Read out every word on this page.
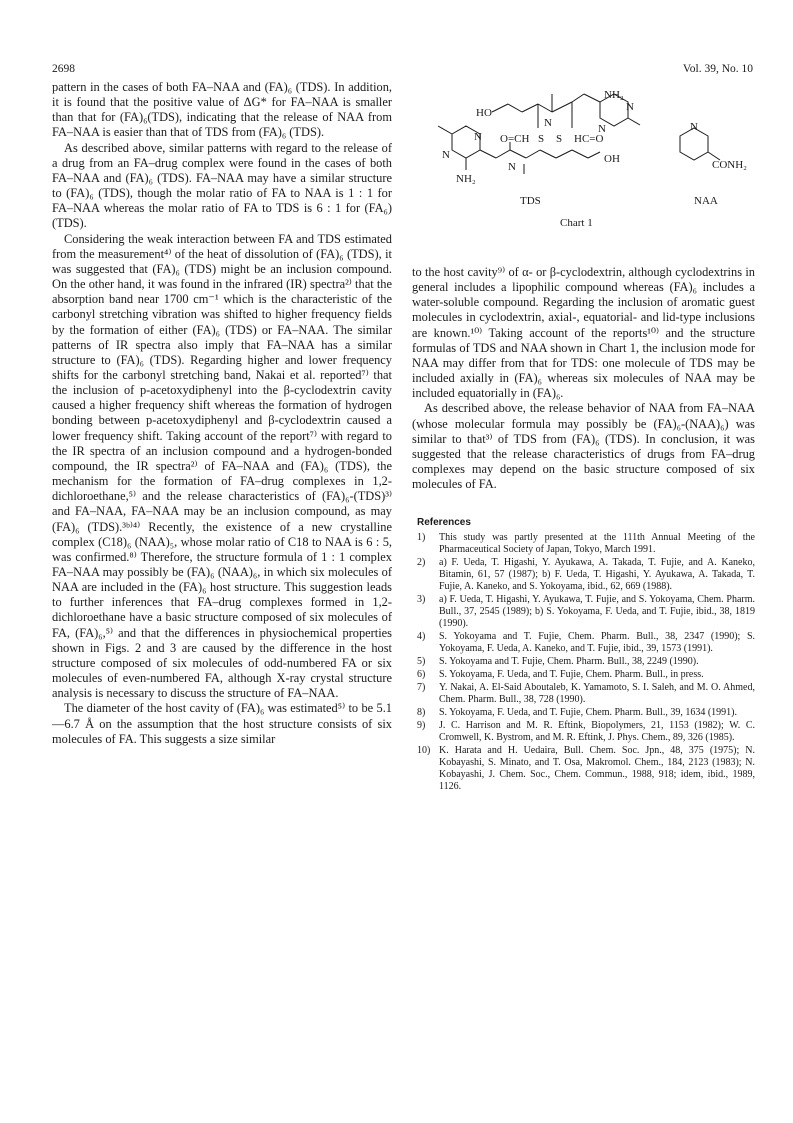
2698	Vol. 39, No. 10

pattern in the cases of both FA–NAA and (FA)₆ (TDS). In addition, it is found that the positive value of ΔG* for FA–NAA is smaller than that for (FA)₆(TDS), indicating that the release of NAA from FA–NAA is easier than that of TDS from (FA)₆ (TDS).

As described above, similar patterns with regard to the release of a drug from an FA–drug complex were found in the cases of both FA–NAA and (FA)₆ (TDS). FA–NAA may have a similar structure to (FA)₆ (TDS), though the molar ratio of FA to NAA is 1 : 1 for FA–NAA whereas the molar ratio of FA to TDS is 6 : 1 for (FA₆) (TDS).

Considering the weak interaction between FA and TDS estimated from the measurement⁴⁾ of the heat of dissolution of (FA)₆ (TDS), it was suggested that (FA)₆ (TDS) might be an inclusion compound. On the other hand, it was found in the infrared (IR) spectra²⁾ that the absorption band near 1700 cm⁻¹ which is the characteristic of the carbonyl stretching vibration was shifted to higher frequency fields by the formation of either (FA)₆ (TDS) or FA–NAA. The similar patterns of IR spectra also imply that FA–NAA has a similar structure to (FA)₆ (TDS). Regarding higher and lower frequency shifts for the carbonyl stretching band, Nakai et al. reported⁷⁾ that the inclusion of p-acetoxydiphenyl into the β-cyclodextrin cavity caused a higher frequency shift whereas the formation of hydrogen bonding between p-acetoxydiphenyl and β-cyclodextrin caused a lower frequency shift. Taking account of the report⁷⁾ with regard to the IR spectra of an inclusion compound and a hydrogen-bonded compound, the IR spectra²⁾ of FA–NAA and (FA)₆ (TDS), the mechanism for the formation of FA–drug complexes in 1,2-dichloroethane,⁵⁾ and the release characteristics of (FA)₆-(TDS)³⁾ and FA–NAA, FA–NAA may be an inclusion compound, as may (FA)₆ (TDS).³ᵇ⁾⁴⁾ Recently, the existence of a new crystalline complex (C18)₆ (NAA)₅, whose molar ratio of C18 to NAA is 6 : 5, was confirmed.⁸⁾ Therefore, the structure formula of 1 : 1 complex FA–NAA may possibly be (FA)₆ (NAA)₆, in which six molecules of NAA are included in the (FA)₆ host structure. This suggestion leads to further inferences that FA–drug complexes formed in 1,2-dichloroethane have a basic structure composed of six molecules of FA, (FA)₆,⁵⁾ and that the differences in physiochemical properties shown in Figs. 2 and 3 are caused by the difference in the host structure composed of six molecules of odd-numbered FA or six molecules of even-numbered FA, although X-ray crystal structure analysis is necessary to discuss the structure of FA–NAA.

The diameter of the host cavity of (FA)₆ was estimated⁵⁾ to be 5.1—6.7 Å on the assumption that the host structure consists of six molecules of FA. This suggests a size similar

HO
NH₂
N
N	N
N
N
O=CH S S HC=O
N
OH
NH₂
N
CONH₂
TDS	NAA
Chart 1

to the host cavity⁹⁾ of α- or β-cyclodextrin, although cyclodextrins in general includes a lipophilic compound whereas (FA)₆ includes a water-soluble compound. Regarding the inclusion of aromatic guest molecules in cyclodextrin, axial-, equatorial- and lid-type inclusions are known.¹⁰⁾ Taking account of the reports¹⁰⁾ and the structure formulas of TDS and NAA shown in Chart 1, the inclusion mode for NAA may differ from that for TDS: one molecule of TDS may be included axially in (FA)₆ whereas six molecules of NAA may be included equatorially in (FA)₆.

As described above, the release behavior of NAA from FA–NAA (whose molecular formula may possibly be (FA)₆-(NAA)₆) was similar to that³⁾ of TDS from (FA)₆ (TDS). In conclusion, it was suggested that the release characteristics of drugs from FA–drug complexes may depend on the basic structure composed of six molecules of FA.

References
1)	This study was partly presented at the 111th Annual Meeting of the Pharmaceutical Society of Japan, Tokyo, March 1991.
2)	a) F. Ueda, T. Higashi, Y. Ayukawa, A. Takada, T. Fujie, and A. Kaneko, Bitamin, 61, 57 (1987); b) F. Ueda, T. Higashi, Y. Ayukawa, A. Takada, T. Fujie, A. Kaneko, and S. Yokoyama, ibid., 62, 669 (1988).
3)	a) F. Ueda, T. Higashi, Y. Ayukawa, T. Fujie, and S. Yokoyama, Chem. Pharm. Bull., 37, 2545 (1989); b) S. Yokoyama, F. Ueda, and T. Fujie, ibid., 38, 1819 (1990).
4)	S. Yokoyama and T. Fujie, Chem. Pharm. Bull., 38, 2347 (1990); S. Yokoyama, F. Ueda, A. Kaneko, and T. Fujie, ibid., 39, 1573 (1991).
5)	S. Yokoyama and T. Fujie, Chem. Pharm. Bull., 38, 2249 (1990).
6)	S. Yokoyama, F. Ueda, and T. Fujie, Chem. Pharm. Bull., in press.
7)	Y. Nakai, A. El-Said Aboutaleb, K. Yamamoto, S. I. Saleh, and M. O. Ahmed, Chem. Pharm. Bull., 38, 728 (1990).
8)	S. Yokoyama, F. Ueda, and T. Fujie, Chem. Pharm. Bull., 39, 1634 (1991).
9)	J. C. Harrison and M. R. Eftink, Biopolymers, 21, 1153 (1982); W. C. Cromwell, K. Bystrom, and M. R. Eftink, J. Phys. Chem., 89, 326 (1985).
10) K. Harata and H. Uedaira, Bull. Chem. Soc. Jpn., 48, 375 (1975); N. Kobayashi, S. Minato, and T. Osa, Makromol. Chem., 184, 2123 (1983); N. Kobayashi, J. Chem. Soc., Chem. Commun., 1988, 918; idem, ibid., 1989, 1126.
